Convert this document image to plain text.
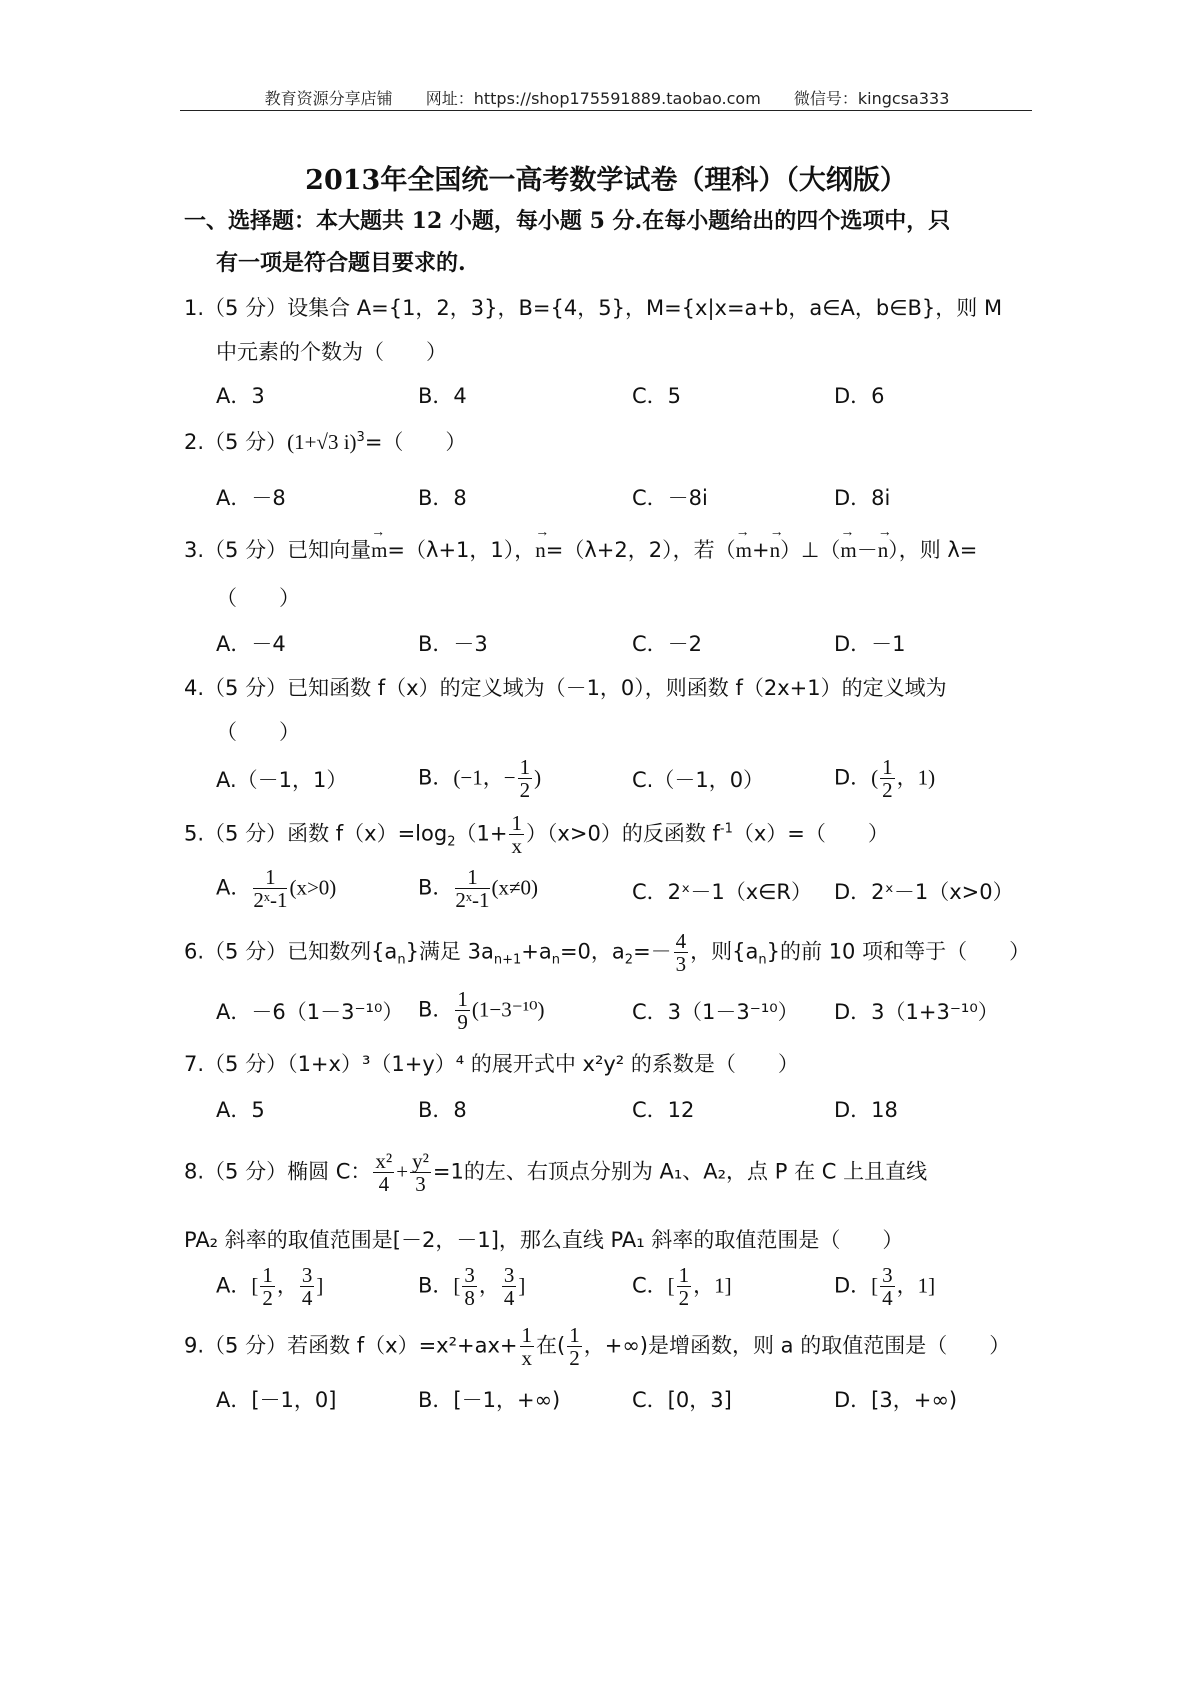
教育资源分享店铺 网址：https://shop175591889.taobao.com 微信号：kingcsa333
2013年全国统一高考数学试卷（理科）（大纲版）
一、选择题：本大题共 12 小题，每小题 5 分.在每小题给出的四个选项中，只
有一项是符合题目要求的.
1.（5 分）设集合 A={1，2，3}，B={4，5}，M={x|x=a+b，a∈A，b∈B}，则 M
中元素的个数为（　　）
A．3	B．4	C．5	D．6
2.（5 分）(1+√3 i)$^3$=（　　）
A．－8	B．8	C．－8i	D．8i
3.（5 分）已知向量→ m=（λ+1，1），→ n=（λ+2，2），若（→ m+→ n）⊥（→ m－→ n），则 λ=
（　　）
A．－4	B．－3	C．－2	D．－1
4.（5 分）已知函数 f（x）的定义域为（－1，0），则函数 f（2x+1）的定义域为
（　　）
A.（－1，1）	B．(−1，− $\frac{1}{2}$ )	C.（－1，0）	D．( $\frac{1}{2}$ ，1)
5.（5 分）函数 $f(x)=\log_2(1+ \frac{1}{x} )(x>0)$的反函数 $f^{-1}(x)=$（　　）
A． $\frac{1}{\text{2ˣ-1}} (x>0)$	B． $\frac{1}{\text{2ˣ-1}} (x\ne 0)$	C．2ˣ－1（x∈R） D．2ˣ－1（x>0）
6.（5 分）已知数列$\{a_n\}$满足 $3a_{n+1}+a_n=0$，$a_2=- \frac{4}{3}$ ，则$\{a_n\}$的前 10 项和等于（　　）
A．－6（1－3⁻¹⁰） B． $\frac{1}{9} (1-3^{-10})$	C．3（1－3⁻¹⁰） D．3（1+3⁻¹⁰）
7.（5 分）（1+x）³（1+y）⁴ 的展开式中 x²y² 的系数是（　　）
A．5	B．8	C．12	D．18
8.（5 分）椭圆 C： $\frac{\text{x²}}{4} + \frac{\text{y²}}{3} =1$的左、右顶点分别为 A₁、A₂，点 P 在 C 上且直线
PA₂ 斜率的取值范围是[－2，－1]，那么直线 PA₁ 斜率的取值范围是（　　）
A．[ $\frac{1}{2}$ ， $\frac{3}{4}$ ]	B．[ $\frac{3}{8}$ ， $\frac{3}{4}$ ]	C．[ $\frac{1}{2}$ ，1]	D．[ $\frac{3}{4}$ ，1]
9.（5 分）若函数 $f(x)=x^2+ax+ \frac{1}{x}$ 在( $\frac{1}{2}$ ，+∞)是增函数，则 a 的取值范围是（　　）
A．[－1，0]	B．[－1，+∞)	C．[0，3]	D．[3，+∞)
